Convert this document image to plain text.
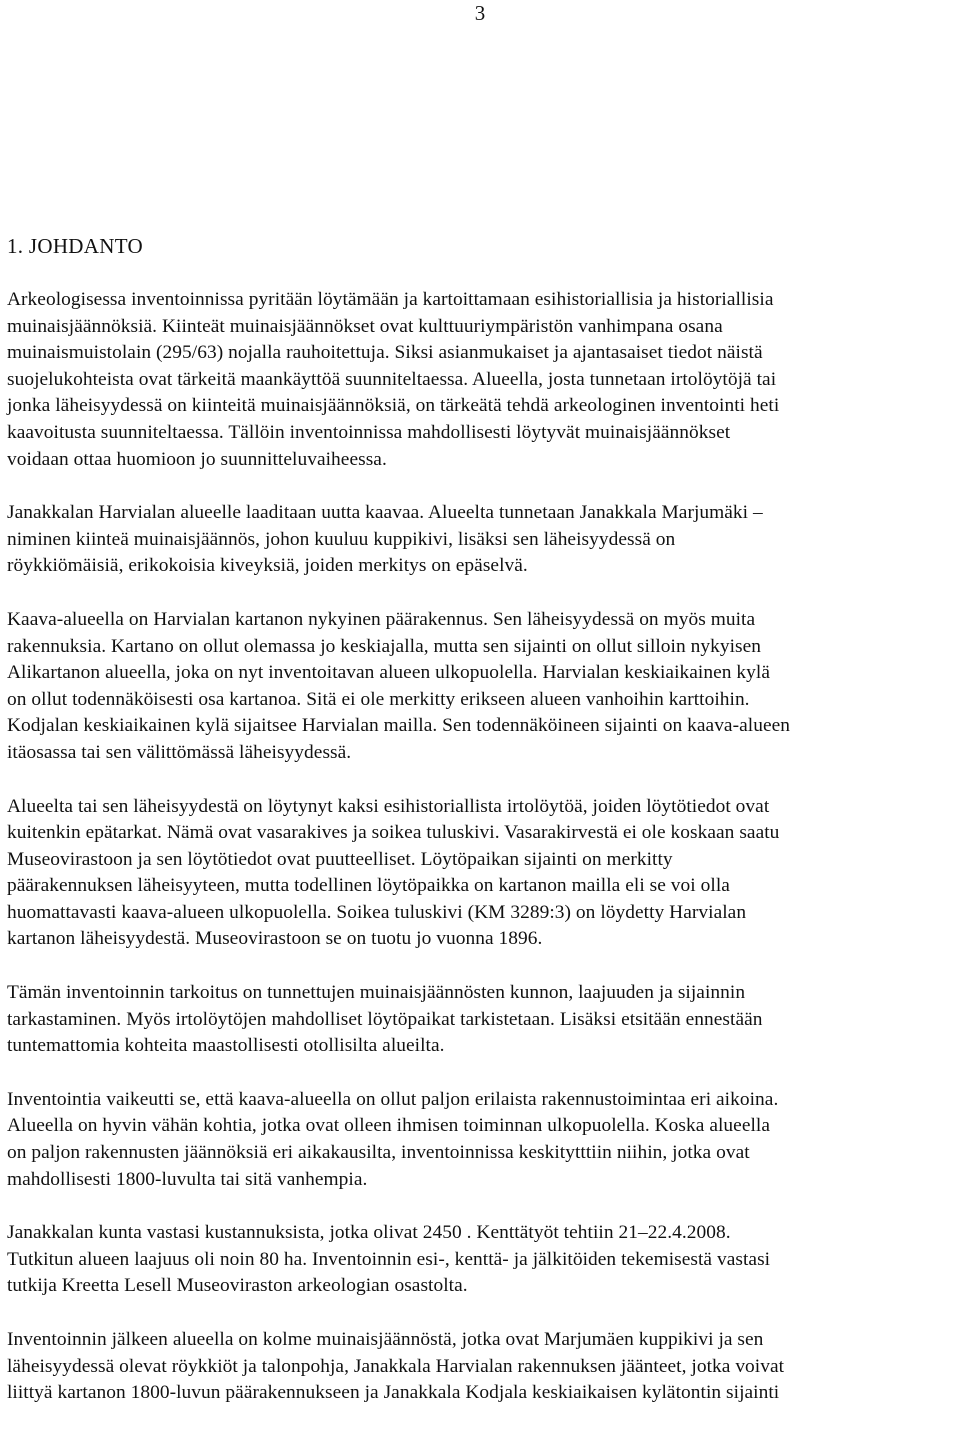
3
1. JOHDANTO

Arkeologisessa inventoinnissa pyritään löytämään ja kartoittamaan esihistoriallisia ja historiallisia
muinaisjäännöksiä. Kiinteät muinaisjäännökset ovat kulttuuriympäristön vanhimpana osana
muinaismuistolain (295/63) nojalla rauhoitettuja. Siksi asianmukaiset ja ajantasaiset tiedot näistä
suojelukohteista ovat tärkeitä maankäyttöä suunniteltaessa. Alueella, josta tunnetaan irtolöytöjä tai
jonka läheisyydessä on kiinteitä muinaisjäännöksiä, on tärkeätä tehdä arkeologinen inventointi heti
kaavoitusta suunniteltaessa. Tällöin inventoinnissa mahdollisesti löytyvät muinaisjäännökset
voidaan ottaa huomioon jo suunnitteluvaiheessa.

Janakkalan Harvialan alueelle laaditaan uutta kaavaa. Alueelta tunnetaan Janakkala Marjumäki –
niminen kiinteä muinaisjäännös, johon kuuluu kuppikivi, lisäksi sen läheisyydessä on
röykkiömäisiä, erikokoisia kiveyksiä, joiden merkitys on epäselvä.

Kaava-alueella on Harvialan kartanon nykyinen päärakennus. Sen läheisyydessä on myös muita
rakennuksia. Kartano on ollut olemassa jo keskiajalla, mutta sen sijainti on ollut silloin nykyisen
Alikartanon alueella, joka on nyt inventoitavan alueen ulkopuolella. Harvialan keskiaikainen kylä
on ollut todennäköisesti osa kartanoa. Sitä ei ole merkitty erikseen alueen vanhoihin karttoihin.
Kodjalan keskiaikainen kylä sijaitsee Harvialan mailla. Sen todennäköineen sijainti on kaava-alueen
itäosassa tai sen välittömässä läheisyydessä.

Alueelta tai sen läheisyydestä on löytynyt kaksi esihistoriallista irtolöytöä, joiden löytötiedot ovat
kuitenkin epätarkat. Nämä ovat vasarakives ja soikea tuluskivi. Vasarakirvestä ei ole koskaan saatu
Museovirastoon ja sen löytötiedot ovat puutteelliset. Löytöpaikan sijainti on merkitty
päärakennuksen läheisyyteen, mutta todellinen löytöpaikka on kartanon mailla eli se voi olla
huomattavasti kaava-alueen ulkopuolella. Soikea tuluskivi (KM 3289:3) on löydetty Harvialan
kartanon läheisyydestä. Museovirastoon se on tuotu jo vuonna 1896.

Tämän inventoinnin tarkoitus on tunnettujen muinaisjäännösten kunnon, laajuuden ja sijainnin
tarkastaminen. Myös irtolöytöjen mahdolliset löytöpaikat tarkistetaan. Lisäksi etsitään ennestään
tuntemattomia kohteita maastollisesti otollisilta alueilta.

Inventointia vaikeutti se, että kaava-alueella on ollut paljon erilaista rakennustoimintaa eri aikoina.
Alueella on hyvin vähän kohtia, jotka ovat olleen ihmisen toiminnan ulkopuolella. Koska alueella
on paljon rakennusten jäännöksiä eri aikakausilta, inventoinnissa keskitytttiin niihin, jotka ovat
mahdollisesti 1800-luvulta tai sitä vanhempia.

Janakkalan kunta vastasi kustannuksista, jotka olivat 2450 . Kenttätyöt tehtiin 21‒22.4.2008.
Tutkitun alueen laajuus oli noin 80 ha. Inventoinnin esi-, kenttä- ja jälkitöiden tekemisestä vastasi
tutkija Kreetta Lesell Museoviraston arkeologian osastolta.

Inventoinnin jälkeen alueella on kolme muinaisjäännöstä, jotka ovat Marjumäen kuppikivi ja sen
läheisyydessä olevat röykkiöt ja talonpohja, Janakkala Harvialan rakennuksen jäänteet, jotka voivat
liittyä kartanon 1800-luvun päärakennukseen ja Janakkala Kodjala keskiaikaisen kylätontin sijainti
